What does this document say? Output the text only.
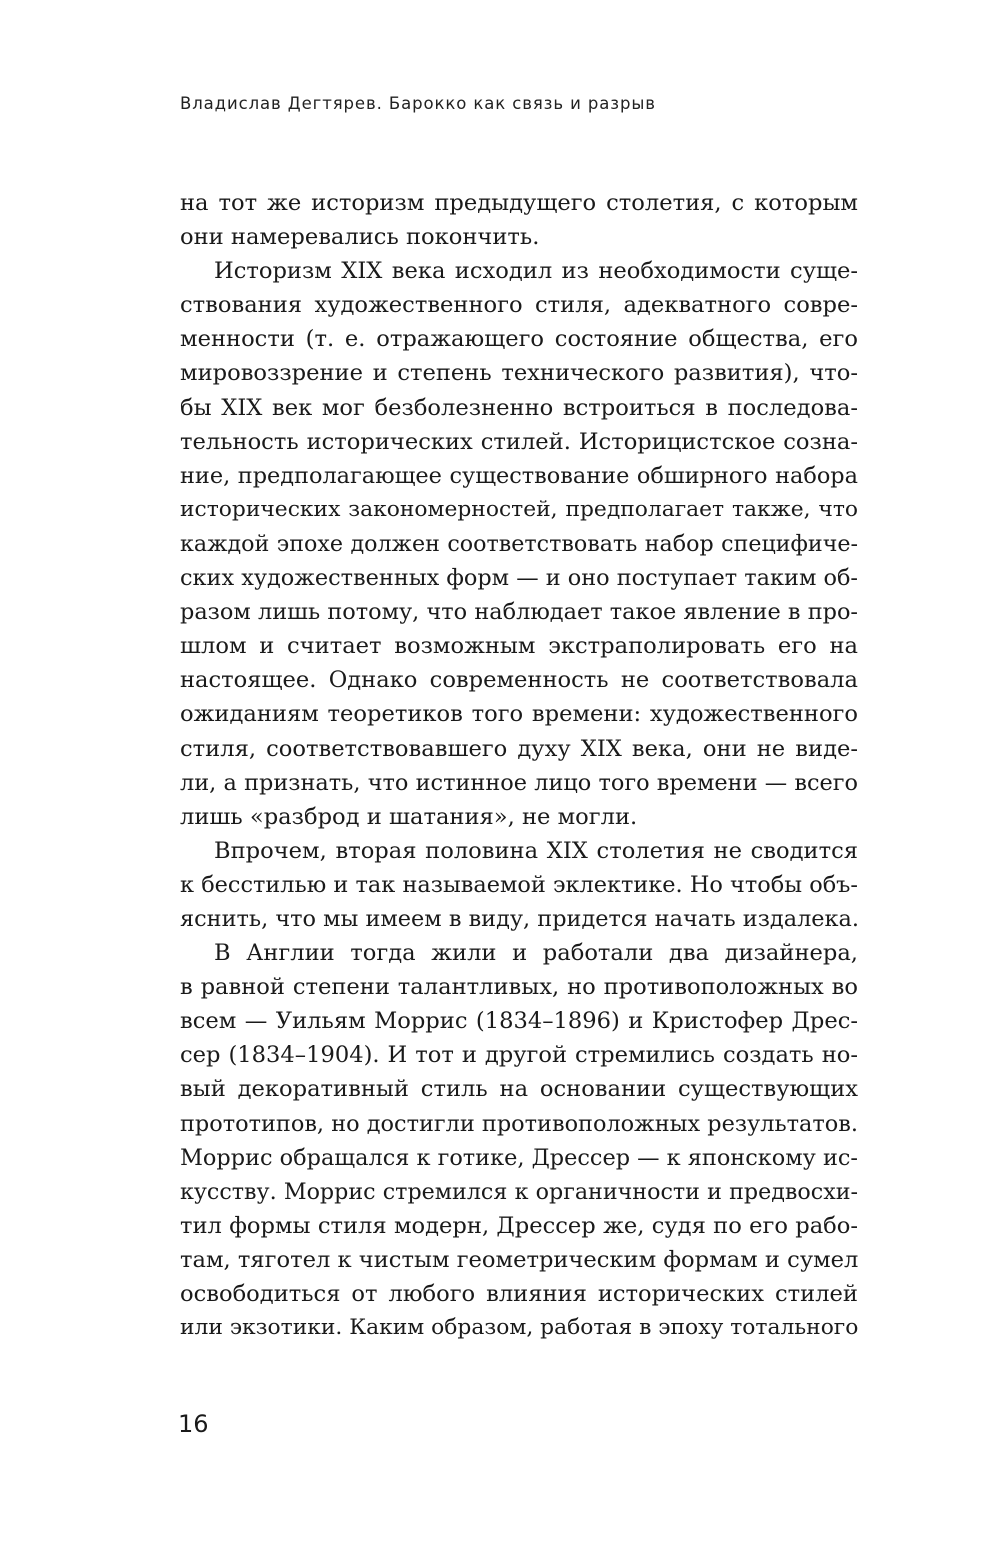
Владислав Дегтярев. Барокко как связь и разрыв
на тот же историзм предыдущего столетия, с которым
они намеревались покончить.
Историзм XIX века исходил из необходимости суще-
ствования художественного стиля, адекватного совре-
менности (т. е. отражающего состояние общества, его
мировоззрение и степень технического развития), что-
бы XIX век мог безболезненно встроиться в последова-
тельность исторических стилей. Историцистское созна-
ние, предполагающее существование обширного набора
исторических закономерностей, предполагает также, что
каждой эпохе должен соответствовать набор специфиче-
ских художественных форм — и оно поступает таким об-
разом лишь потому, что наблюдает такое явление в про-
шлом и считает возможным экстраполировать его на
настоящее. Однако современность не соответствовала
ожиданиям теоретиков того времени: художественного
стиля, соответствовавшего духу XIX века, они не виде-
ли, а признать, что истинное лицо того времени — всего
лишь «разброд и шатания», не могли.
Впрочем, вторая половина XIX столетия не сводится
к бесстилью и так называемой эклектике. Но чтобы объ-
яснить, что мы имеем в виду, придется начать издалека.
В Англии тогда жили и работали два дизайнера,
в равной степени талантливых, но противоположных во
всем — Уильям Моррис (1834–1896) и Кристофер Дрес-
сер (1834–1904). И тот и другой стремились создать но-
вый декоративный стиль на основании существующих
прототипов, но достигли противоположных результатов.
Моррис обращался к готике, Дрессер — к японскому ис-
кусству. Моррис стремился к органичности и предвосхи-
тил формы стиля модерн, Дрессер же, судя по его рабо-
там, тяготел к чистым геометрическим формам и сумел
освободиться от любого влияния исторических стилей
или экзотики. Каким образом, работая в эпоху тотального
16
